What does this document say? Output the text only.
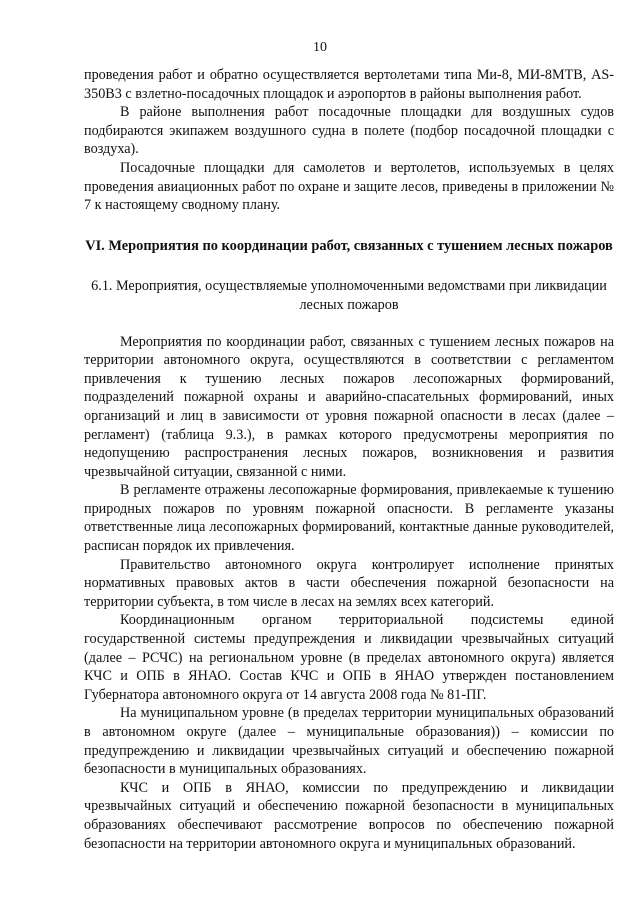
10

проведения работ и обратно осуществляется вертолетами типа Ми-8, МИ-8МТВ, AS-350В3 с взлетно-посадочных площадок и аэропортов в районы выполнения работ.

В районе выполнения работ посадочные площадки для воздушных судов подбираются экипажем воздушного судна в полете (подбор посадочной площадки с воздуха).

Посадочные площадки для самолетов и вертолетов, используемых в целях проведения авиационных работ по охране и защите лесов, приведены в приложении № 7 к настоящему сводному плану.

VI. Мероприятия по координации работ, связанных с тушением лесных пожаров
6.1. Мероприятия, осуществляемые уполномоченными ведомствами при ликвидации лесных пожаров

Мероприятия по координации работ, связанных с тушением лесных пожаров на территории автономного округа, осуществляются в соответствии с регламентом привлечения к тушению лесных пожаров лесопожарных формирований, подразделений пожарной охраны и аварийно-спасательных формирований, иных организаций и лиц в зависимости от уровня пожарной опасности в лесах (далее – регламент) (таблица 9.3.), в рамках которого предусмотрены мероприятия по недопущению распространения лесных пожаров, возникновения и развития чрезвычайной ситуации, связанной с ними.

В регламенте отражены лесопожарные формирования, привлекаемые к тушению природных пожаров по уровням пожарной опасности. В регламенте указаны ответственные лица лесопожарных формирований, контактные данные руководителей, расписан порядок их привлечения.

Правительство автономного округа контролирует исполнение принятых нормативных правовых актов в части обеспечения пожарной безопасности на территории субъекта, в том числе в лесах на землях всех категорий.

Координационным органом территориальной подсистемы единой государственной системы предупреждения и ликвидации чрезвычайных ситуаций (далее – РСЧС) на региональном уровне (в пределах автономного округа) является КЧС и ОПБ в ЯНАО. Состав КЧС и ОПБ в ЯНАО утвержден постановлением Губернатора автономного округа от 14 августа 2008 года № 81-ПГ.

На муниципальном уровне (в пределах территории муниципальных образований в автономном округе (далее – муниципальные образования)) – комиссии по предупреждению и ликвидации чрезвычайных ситуаций и обеспечению пожарной безопасности в муниципальных образованиях.

КЧС и ОПБ в ЯНАО, комиссии по предупреждению и ликвидации чрезвычайных ситуаций и обеспечению пожарной безопасности в муниципальных образованиях обеспечивают рассмотрение вопросов по обеспечению пожарной безопасности на территории автономного округа и муниципальных образований.
